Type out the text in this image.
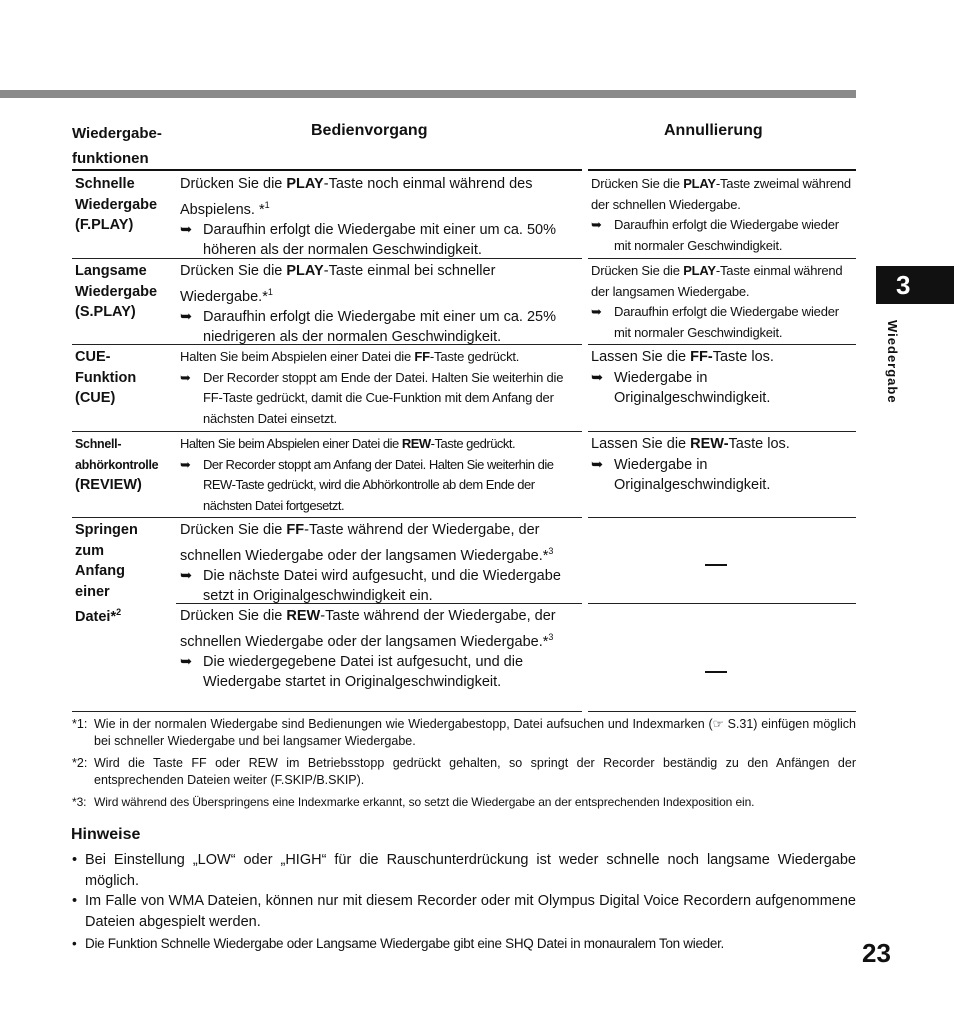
3
Wiedergabe
23
Wiedergabe-
funktionen
Bedienvorgang	Annullierung
Schnelle
Wiedergabe
(F.PLAY)
Drücken Sie die PLAY-Taste noch einmal während des Abspielens. *$^1$
➥ Daraufhin erfolgt die Wiedergabe mit einer um ca. 50% höheren als der normalen Geschwindigkeit.
Drücken Sie die PLAY-Taste zweimal während der schnellen Wiedergabe.
➥ Daraufhin erfolgt die Wiedergabe wieder mit normaler Geschwindigkeit.
Langsame
Wiedergabe
(S.PLAY)
Drücken Sie die PLAY-Taste einmal bei schneller Wiedergabe.*$^1$
➥ Daraufhin erfolgt die Wiedergabe mit einer um ca. 25% niedrigeren als der normalen Geschwindigkeit.
Drücken Sie die PLAY-Taste einmal während der langsamen Wiedergabe.
➥ Daraufhin erfolgt die Wiedergabe wieder mit normaler Geschwindigkeit.
CUE-
Funktion
(CUE)
Halten Sie beim Abspielen einer Datei die FF-Taste gedrückt.
➥ Der Recorder stoppt am Ende der Datei. Halten Sie weiterhin die FF-Taste gedrückt, damit die Cue-Funktion mit dem Anfang der nächsten Datei einsetzt.
Lassen Sie die FF-Taste los.
➥ Wiedergabe in Originalgeschwindigkeit.
Schnell-
abhörkontrolle
(REVIEW)
Halten Sie beim Abspielen einer Datei die REW-Taste gedrückt.
➥ Der Recorder stoppt am Anfang der Datei. Halten Sie weiterhin die REW-Taste gedrückt, wird die Abhörkontrolle ab dem Ende der nächsten Datei fortgesetzt.
Lassen Sie die REW-Taste los.
➥ Wiedergabe in Originalgeschwindigkeit.
Springen
zum
Anfang
einer
Datei*$^2$
Drücken Sie die FF-Taste während der Wiedergabe, der schnellen Wiedergabe oder der langsamen Wiedergabe.*$^3$
➥ Die nächste Datei wird aufgesucht, und die Wiedergabe setzt in Originalgeschwindigkeit ein.
Drücken Sie die REW-Taste während der Wiedergabe, der schnellen Wiedergabe oder der langsamen Wiedergabe.*$^3$
➥ Die wiedergegebene Datei ist aufgesucht, und die Wiedergabe startet in Originalgeschwindigkeit.
*1: Wie in der normalen Wiedergabe sind Bedienungen wie Wiedergabestopp, Datei aufsuchen und Indexmarken (☞ S.31) einfügen möglich bei schneller Wiedergabe und bei langsamer Wiedergabe.
*2: Wird die Taste FF oder REW im Betriebsstopp gedrückt gehalten, so springt der Recorder beständig zu den Anfängen der entsprechenden Dateien weiter (F.SKIP/B.SKIP).
*3: Wird während des Überspringens eine Indexmarke erkannt, so setzt die Wiedergabe an der entsprechenden Indexposition ein.
Hinweise
• Bei Einstellung „LOW“ oder „HIGH“ für die Rauschunterdrückung ist weder schnelle noch langsame Wiedergabe möglich.
• Im Falle von WMA Dateien, können nur mit diesem Recorder oder mit Olympus Digital Voice Recordern aufgenommene Dateien abgespielt werden.
• Die Funktion Schnelle Wiedergabe oder Langsame Wiedergabe gibt eine SHQ Datei in monauralem Ton wieder.
